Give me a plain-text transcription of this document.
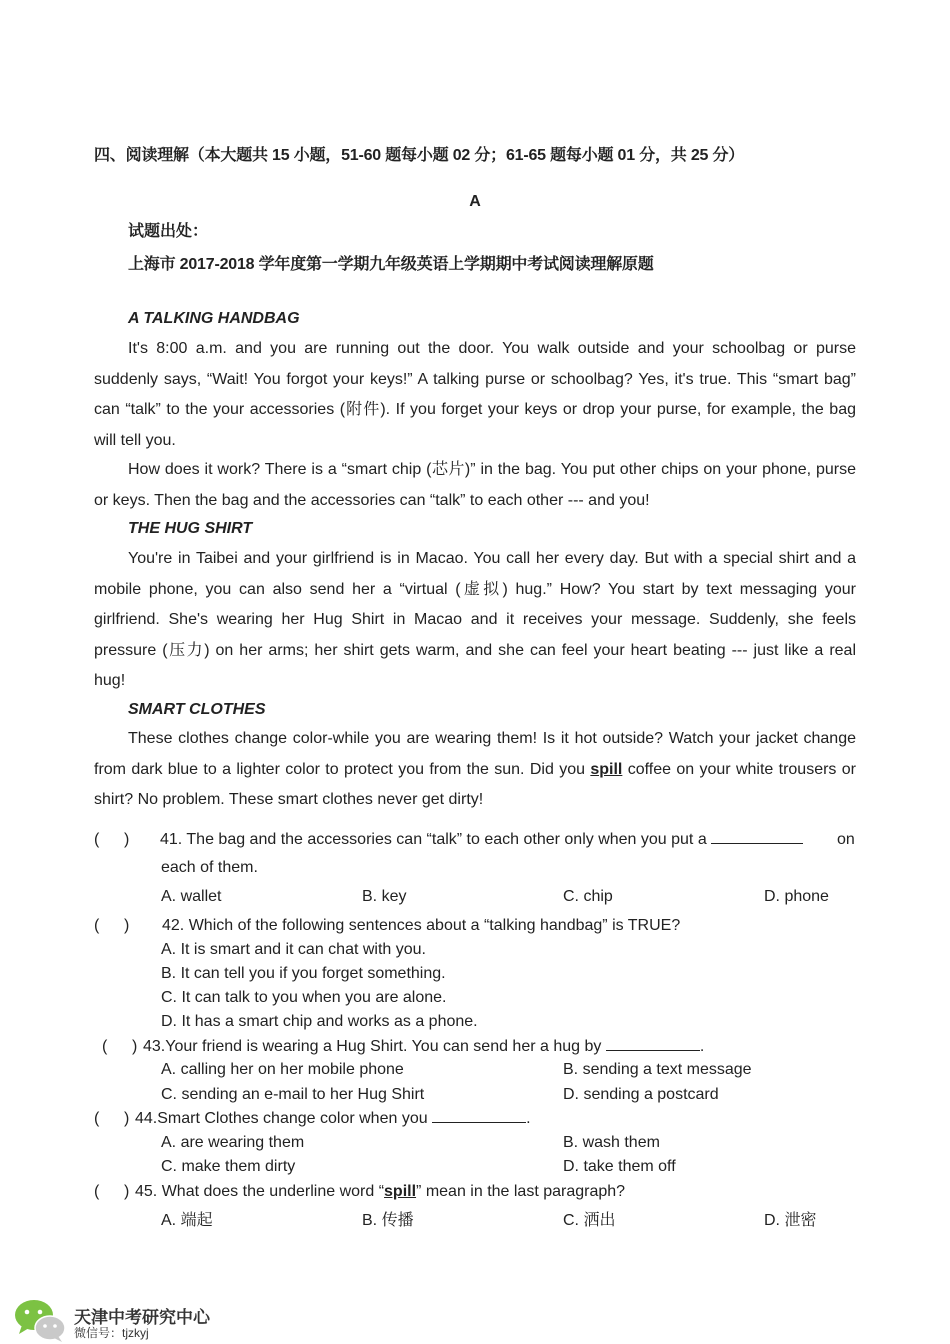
四、阅读理解（本大题共 15 小题，51-60 题每小题 02 分；61-65 题每小题 01 分，共 25 分）
A
试题出处：
上海市 2017-2018 学年度第一学期九年级英语上学期期中考试阅读理解原题
A TALKING HANDBAG

It's 8:00 a.m. and you are running out the door. You walk outside and your schoolbag or purse suddenly says, “Wait! You forgot your keys!” A talking purse or schoolbag? Yes, it's true. This “smart bag” can “talk” to the your accessories (附件). If you forget your keys or drop your purse, for example, the bag will tell you.

How does it work? There is a “smart chip (芯片)” in the bag. You put other chips on your phone, purse or keys. Then the bag and the accessories can “talk” to each other --- and you!

THE HUG SHIRT

You're in Taibei and your girlfriend is in Macao. You call her every day. But with a special shirt and a mobile phone, you can also send her a “virtual (虚拟) hug.” How? You start by text messaging your girlfriend. She's wearing her Hug Shirt in Macao and it receives your message. Suddenly, she feels pressure (压力) on her arms; her shirt gets warm, and she can feel your heart beating --- just like a real hug!

SMART CLOTHES

These clothes change color-while you are wearing them! Is it hot outside? Watch your jacket change from dark blue to a lighter color to protect you from the sun. Did you spill coffee on your white trousers or shirt? No problem. These smart clothes never get dirty!

( ) 41. The bag and the accessories can “talk” to each other only when you put a	on
each of them.
A. wallet	B. key	C. chip	D. phone
( ) 42. Which of the following sentences about a “talking handbag” is TRUE?
A. It is smart and it can chat with you.
B. It can tell you if you forget something.
C. It can talk to you when you are alone.
D. It has a smart chip and works as a phone.
( ) 43.Your friend is wearing a Hug Shirt. You can send her a hug by	.
A. calling her on her mobile phone	B. sending a text message
C. sending an e-mail to her Hug Shirt	D. sending a postcard
( ) 44.Smart Clothes change color when you	.
A. are wearing them	B. wash them
C. make them dirty	D. take them off
( ) 45. What does the underline word “spill” mean in the last paragraph?
A. 端起	B. 传播	C. 洒出	D. 泄密
天津中考研究中心
微信号：tjzkyj
